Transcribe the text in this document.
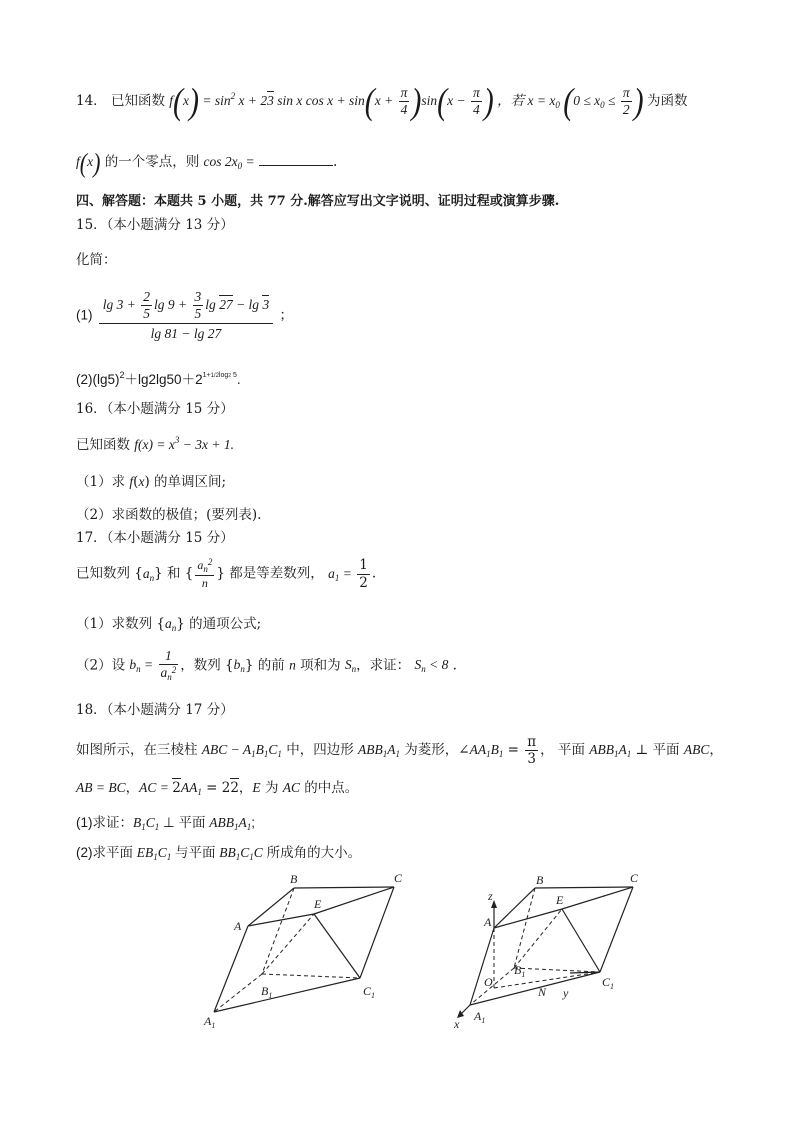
14． 已知函数 $f(x) = \sin^2 x + 23$ sin x $\cos x + \sin(x + \frac{\pi}{4} )\sin(x - \frac{\pi}{4}$ ) ，若 $x = x_0$ ($0 \le x_0 \le \frac{\pi}{2}$ ) 为函数
f(x) 的一个零点，则 $\cos 2x_0$ =	.
四、解答题：本题共 5 小题，共 77 分.解答应写出文字说明、证明过程或演算步骤.
15．（本小题满分 13 分）
化简：
$(1) \frac{\lg 3 + \frac{2}{5} \lg 9 + \frac{3}{5} \lg 27 - \lg 3}{\lg 81 - \lg 27}$ ；
$(2)(\lg 5)^2+\lg 2\lg 50+2^{1+1/2log2 5}$.
16．（本小题满分 15 分）
已知函数 $f(x) = x^3 - 3x + 1$.
（1）求 f(x) 的单调区间;
（2）求函数的极值；(要列表).
17．（本小题满分 15 分）
已知数列 $\{a_n\}$ 和 { $\frac{a_n^2}{n}$ } 都是等差数列， $a_1 = \frac{1}{2}$ .
（1）求数列 $\{a_n\}$ 的通项公式;
（2）设 $b_n = \frac{1}{a_n^2}$ ，数列 $\{b_n\}$ 的前 n 项和为 $S_n$，求证： $S_n < 8$ .
18．（本小题满分 17 分）
如图所示，在三棱柱 ABC − $A_1B_1C_1$ 中，四边形 $ABB_1A_1$ 为菱形，$\angle AA_1B_1 = \frac{\pi}{3}$ ， 平面 $ABB_1A_1$ ⊥ 平面 ABC，
AB = BC，AC = $2AA_1 = 22$，E 为 AC 的中点。
(1)求证：$B_1C_1$ ⊥ 平面 $ABB_1A_1$;
(2)求平面 $EB_1C_1$ 与平面 $BB_1C_1C$ 所成角的大小。
A
B	C
E
$B_1$	$C_1$
$A_1$
z
A
B	C
E
O
$B_1$
$C_1$
N y
$A_1$
x
